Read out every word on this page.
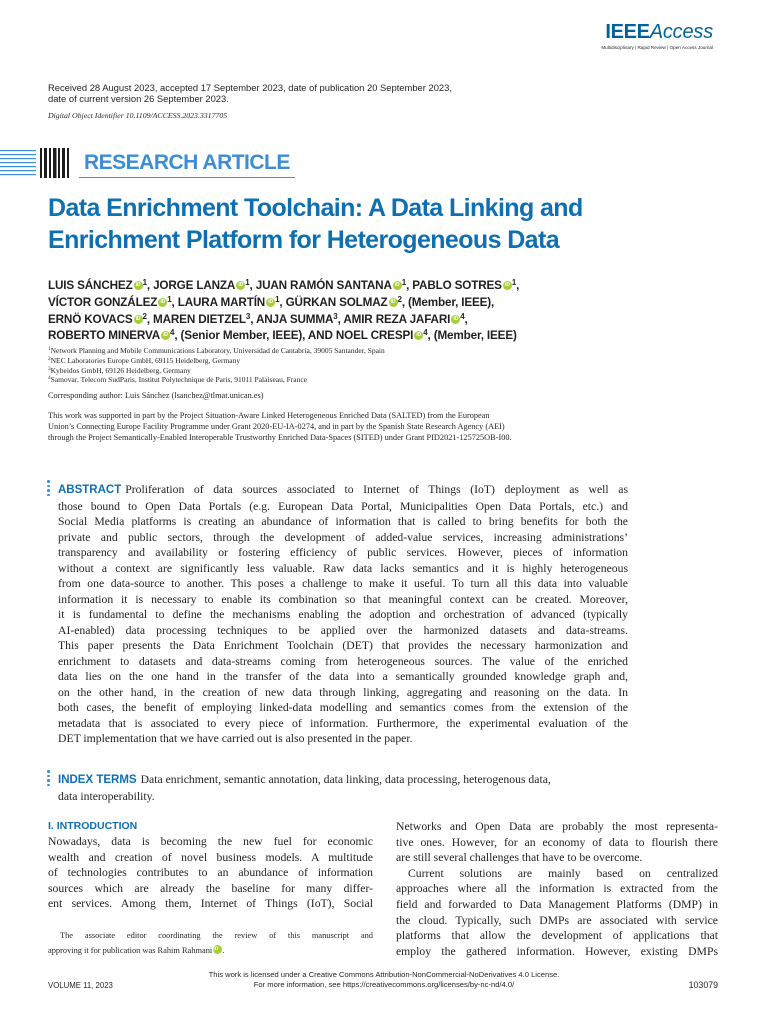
IEEEAccess
Multidisciplinary | Rapid Review | Open Access Journal
Received 28 August 2023, accepted 17 September 2023, date of publication 20 September 2023,
date of current version 26 September 2023.
Digital Object Identifier 10.1109/ACCESS.2023.3317705
RESEARCH ARTICLE
Data Enrichment Toolchain: A Data Linking and
Enrichment Platform for Heterogeneous Data
LUIS SÁNCHEZ iD $^1$, JORGE LANZA iD $^1$, JUAN RAMÓN SANTANA iD $^1$, PABLO SOTRES iD $^1$,
VÍCTOR GONZÁLEZ iD $^1$, LAURA MARTÍN iD $^1$, GÜRKAN SOLMAZ iD $^2$, (Member, IEEE),
ERNÖ KOVACS iD $^2$, MAREN DIETZEL$^3$, ANJA SUMMA$^3$, AMIR REZA JAFARI iD $^4$,
ROBERTO MINERVA iD $^4$, (Senior Member, IEEE), AND NOEL CRESPI iD $^4$, (Member, IEEE)
$^1$Network Planning and Mobile Communications Laboratory, Universidad de Cantabria, 39005 Santander, Spain
$^2$NEC Laboratories Europe GmbH, 69115 Heidelberg, Germany
$^3$Kybeidos GmbH, 69126 Heidelberg, Germany
$^4$Samovar, Telecom SudParis, Institut Polytechnique de Paris, 91011 Palaiseau, France
Corresponding author: Luis Sánchez (lsanchez@tlmat.unican.es)
This work was supported in part by the Project Situation-Aware Linked Heterogeneous Enriched Data (SALTED) from the European
Union’s Connecting Europe Facility Programme under Grant 2020-EU-IA-0274, and in part by the Spanish State Research Agency (AEI)
through the Project Semantically-Enabled Interoperable Trustworthy Enriched Data-Spaces (SITED) under Grant PID2021-125725OB-I00.
ABSTRACT Proliferation of data sources associated to Internet of Things (IoT) deployment as well as
those bound to Open Data Portals (e.g. European Data Portal, Municipalities Open Data Portals, etc.) and
Social Media platforms is creating an abundance of information that is called to bring benefits for both the
private and public sectors, through the development of added-value services, increasing administrations’
transparency and availability or fostering efficiency of public services. However, pieces of information
without a context are significantly less valuable. Raw data lacks semantics and it is highly heterogeneous
from one data-source to another. This poses a challenge to make it useful. To turn all this data into valuable
information it is necessary to enable its combination so that meaningful context can be created. Moreover,
it is fundamental to define the mechanisms enabling the adoption and orchestration of advanced (typically
AI-enabled) data processing techniques to be applied over the harmonized datasets and data-streams.
This paper presents the Data Enrichment Toolchain (DET) that provides the necessary harmonization and
enrichment to datasets and data-streams coming from heterogeneous sources. The value of the enriched
data lies on the one hand in the transfer of the data into a semantically grounded knowledge graph and,
on the other hand, in the creation of new data through linking, aggregating and reasoning on the data. In
both cases, the benefit of employing linked-data modelling and semantics comes from the extension of the
metadata that is associated to every piece of information. Furthermore, the experimental evaluation of the
DET implementation that we have carried out is also presented in the paper.
INDEX TERMS Data enrichment, semantic annotation, data linking, data processing, heterogenous data,
data interoperability.
I. INTRODUCTION
Nowadays, data is becoming the new fuel for economic
wealth and creation of novel business models. A multitude
of technologies contributes to an abundance of information
sources which are already the baseline for many differ-
ent services. Among them, Internet of Things (IoT), Social
The associate editor coordinating the review of this manuscript and
approving it for publication was Rahim RahmaniiD .
Networks and Open Data are probably the most representa-
tive ones. However, for an economy of data to flourish there
are still several challenges that have to be overcome.
Current solutions are mainly based on centralized
approaches where all the information is extracted from the
field and forwarded to Data Management Platforms (DMP) in
the cloud. Typically, such DMPs are associated with service
platforms that allow the development of applications that
employ the gathered information. However, existing DMPs
This work is licensed under a Creative Commons Attribution-NonCommercial-NoDerivatives 4.0 License.
For more information, see https://creativecommons.org/licenses/by-nc-nd/4.0/
VOLUME 11, 2023	103079
